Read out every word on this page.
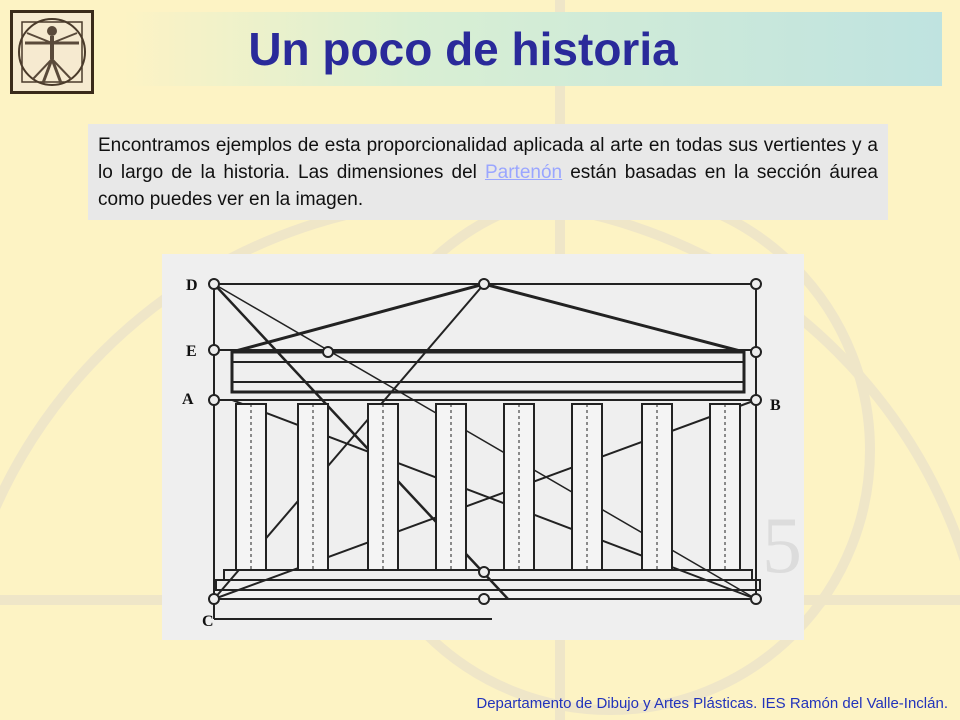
Un poco de historia
Encontramos ejemplos de esta proporcionalidad aplicada al arte en todas sus vertientes y a lo largo de la historia. Las dimensiones del Partenón están basadas en la sección áurea como puedes ver en la imagen.
5
D
E
A	B
C
Departamento de Dibujo y Artes Plásticas. IES Ramón del Valle-Inclán.
